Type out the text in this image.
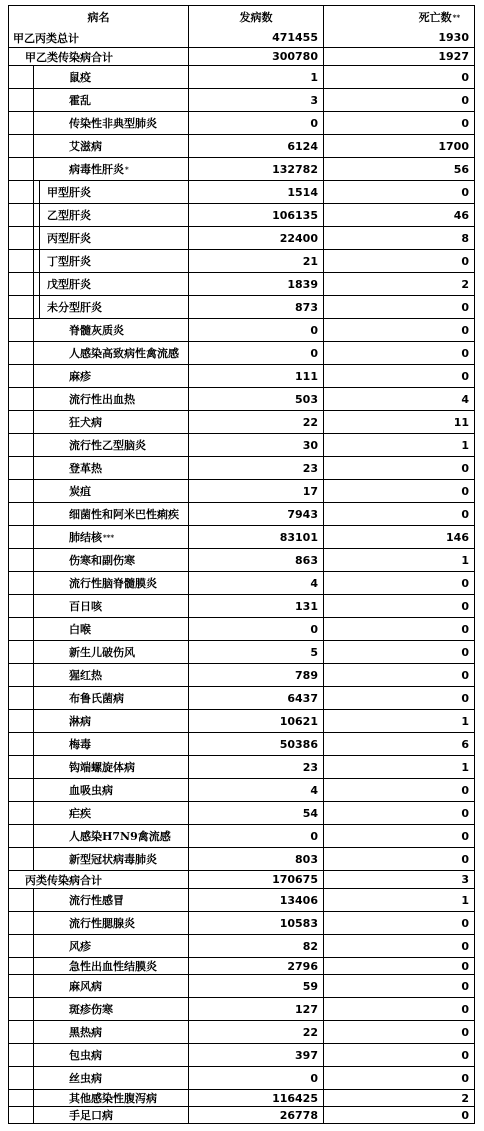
病名	发病数	死亡数 **
甲乙丙类总计	471455	1930
甲乙类传染病合计	300780	1927
鼠疫	1	0
霍乱	3	0
传染性非典型肺炎	0	0
艾滋病	6124	1700
病毒性肝炎 *	132782	56
甲型肝炎	1514	0
乙型肝炎	106135	46
丙型肝炎	22400	8
丁型肝炎	21	0
戊型肝炎	1839	2
未分型肝炎	873	0
脊髓灰质炎	0	0
人感染高致病性禽流感	0	0
麻疹	111	0
流行性出血热	503	4
狂犬病	22	11
流行性乙型脑炎	30	1
登革热	23	0
炭疽	17	0
细菌性和阿米巴性痢疾	7943	0
肺结核 ***	83101	146
伤寒和副伤寒	863	1
流行性脑脊髓膜炎	4	0
百日咳	131	0
白喉	0	0
新生儿破伤风	5	0
猩红热	789	0
布鲁氏菌病	6437	0
淋病	10621	1
梅毒	50386	6
钩端螺旋体病	23	1
血吸虫病	4	0
疟疾	54	0
人感染H7N9禽流感	0	0
新型冠状病毒肺炎	803	0
丙类传染病合计	170675	3
流行性感冒	13406	1
流行性腮腺炎	10583	0
风疹	82	0
急性出血性结膜炎	2796	0
麻风病	59	0
斑疹伤寒	127	0
黑热病	22	0
包虫病	397	0
丝虫病	0	0
其他感染性腹泻病	116425	2
手足口病	26778	0
